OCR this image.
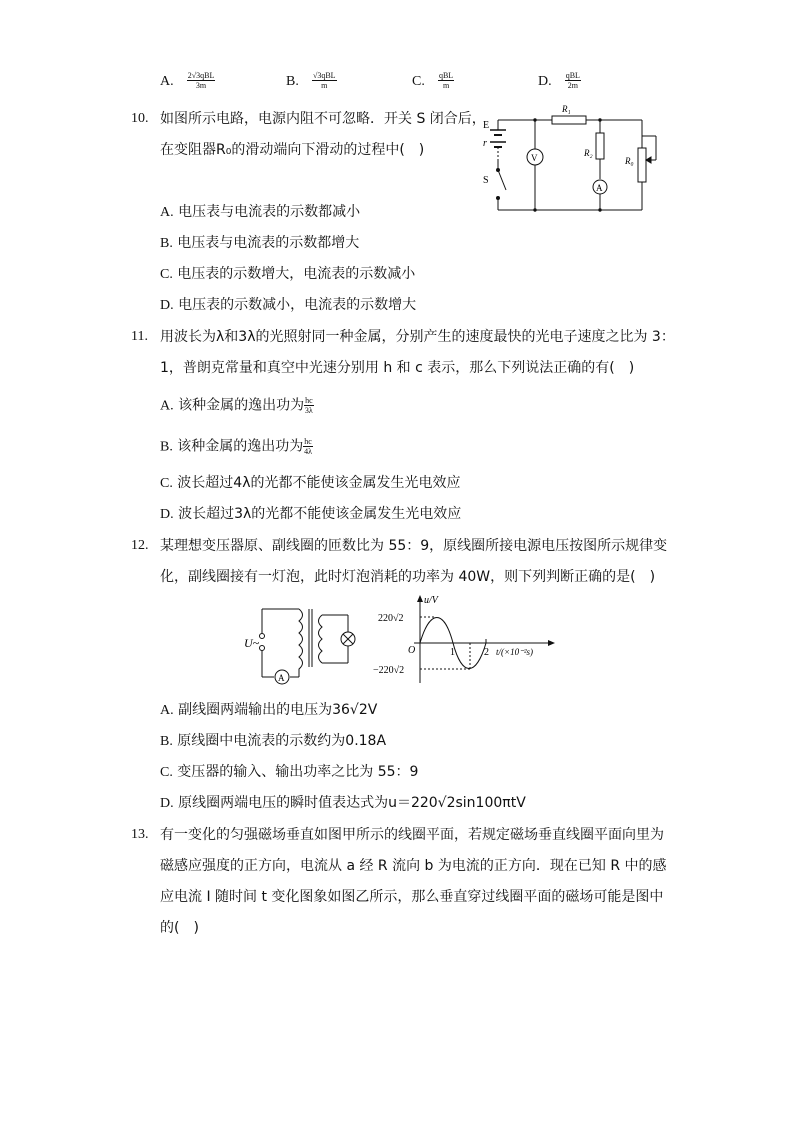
A. $\frac{\text{2√3qBL}}{3m}$	B. $\frac{\text{√3qBL}}{m}$	C. $\frac{\text{qBL}}{m}$	D. $\frac{\text{qBL}}{2m}$
10. 如图所示电路，电源内阻不可忽略．开关 S 闭合后，
在变阻器R₀的滑动端向下滑动的过程中(　)
E
r
S
V
A
R₁
R₂
R₀
A. 电压表与电流表的示数都减小
B. 电压表与电流表的示数都增大
C. 电压表的示数增大，电流表的示数减小
D. 电压表的示数减小，电流表的示数增大
11. 用波长为λ和3λ的光照射同一种金属，分别产生的速度最快的光电子速度之比为 3：
1，普朗克常量和真空中光速分别用 h 和 c 表示，那么下列说法正确的有(　)
A. 该种金属的逸出功为 $\frac{hc}{3\lambda}$
B. 该种金属的逸出功为 $\frac{hc}{4\lambda}$
C. 波长超过4λ的光都不能使该金属发生光电效应
D. 波长超过3λ的光都不能使该金属发生光电效应
12. 某理想变压器原、副线圈的匝数比为 55：9，原线圈所接电源电压按图所示规律变
化，副线圈接有一灯泡，此时灯泡消耗的功率为 40W，则下列判断正确的是(　)
U~
A
u/V
220√2
−220√2
O	1	2 t/(×10⁻²s)
A. 副线圈两端输出的电压为36√2V
B. 原线圈中电流表的示数约为0.18A
C. 变压器的输入、输出功率之比为 55：9
D. 原线圈两端电压的瞬时值表达式为u＝220√2sin100πtV
13. 有一变化的匀强磁场垂直如图甲所示的线圈平面，若规定磁场垂直线圈平面向里为
磁感应强度的正方向，电流从 a 经 R 流向 b 为电流的正方向．现在已知 R 中的感
应电流 I 随时间 t 变化图象如图乙所示，那么垂直穿过线圈平面的磁场可能是图中
的(　)
